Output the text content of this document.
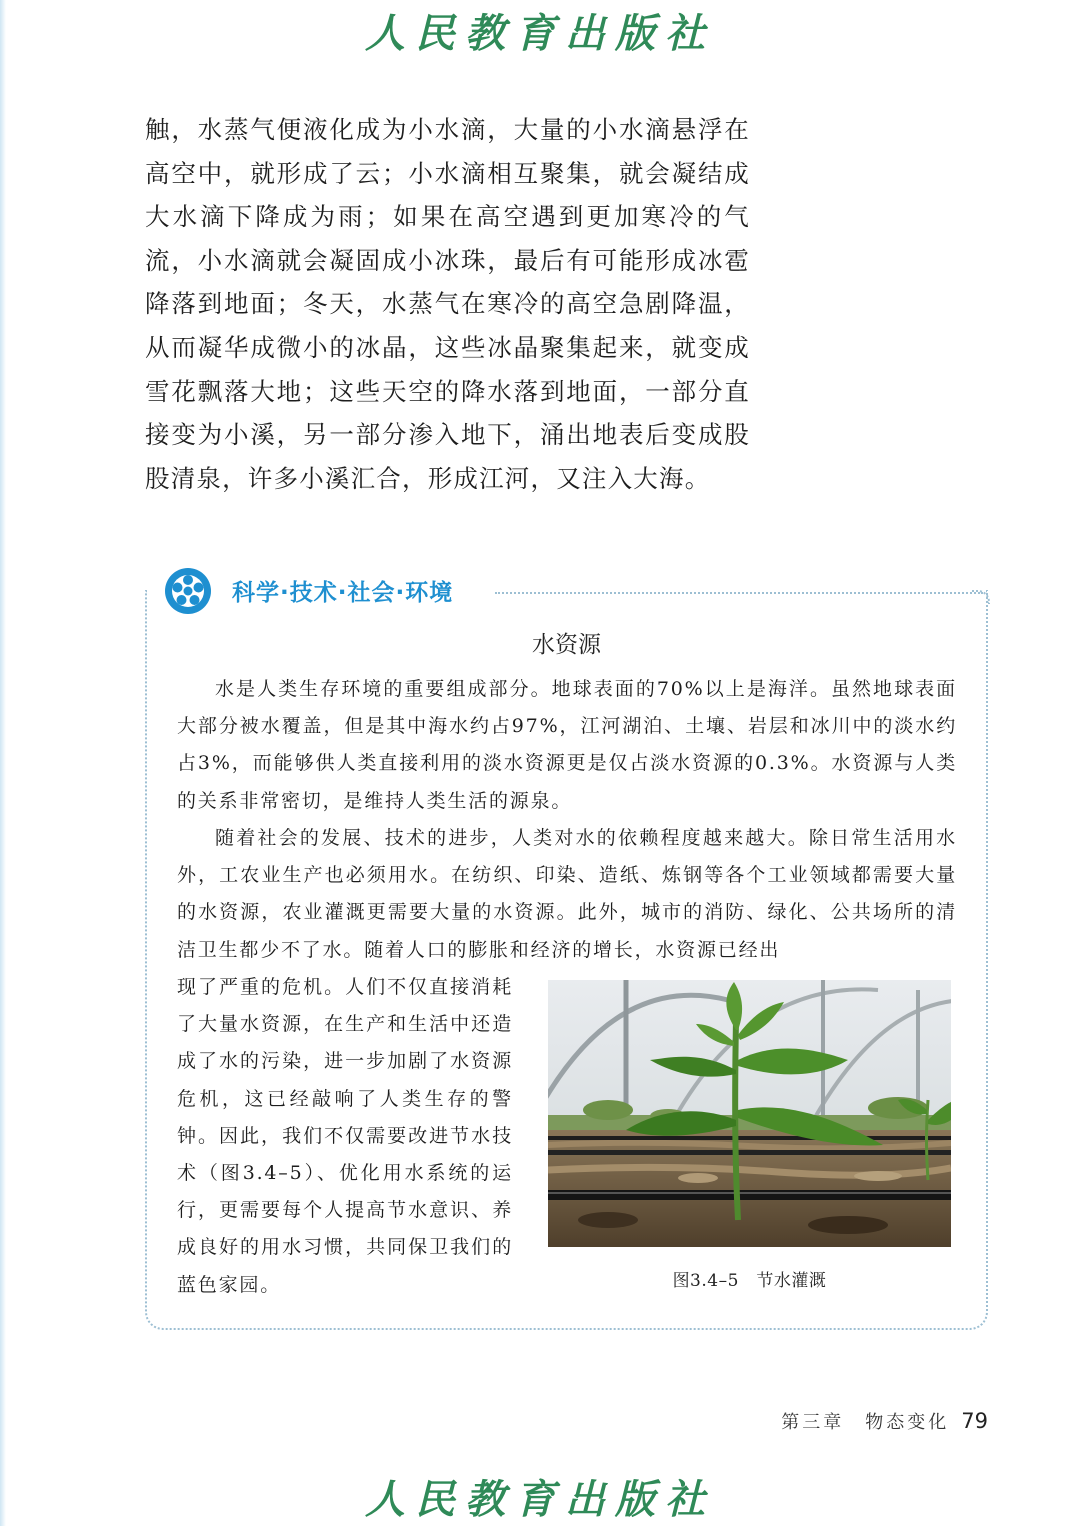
人民教育出版社

触，水蒸气便液化成为小水滴，大量的小水滴悬浮在高空中，就形成了云；小水滴相互聚集，就会凝结成大水滴下降成为雨；如果在高空遇到更加寒冷的气流，小水滴就会凝固成小冰珠，最后有可能形成冰雹降落到地面；冬天，水蒸气在寒冷的高空急剧降温，从而凝华成微小的冰晶，这些冰晶聚集起来，就变成雪花飘落大地；这些天空的降水落到地面，一部分直接变为小溪，另一部分渗入地下，涌出地表后变成股股清泉，许多小溪汇合，形成江河，又注入大海。

科学·技术·社会·环境
水资源

水是人类生存环境的重要组成部分。地球表面的70%以上是海洋。虽然地球表面大部分被水覆盖，但是其中海水约占97%，江河湖泊、土壤、岩层和冰川中的淡水约占3%，而能够供人类直接利用的淡水资源更是仅占淡水资源的0.3%。水资源与人类的关系非常密切，是维持人类生活的源泉。

随着社会的发展、技术的进步，人类对水的依赖程度越来越大。除日常生活用水外，工农业生产也必须用水。在纺织、印染、造纸、炼钢等各个工业领域都需要大量的水资源，农业灌溉更需要大量的水资源。此外，城市的消防、绿化、公共场所的清洁卫生都少不了水。随着人口的膨胀和经济的增长，水资源已经出

现了严重的危机。人们不仅直接消耗了大量水资源，在生产和生活中还造成了水的污染，进一步加剧了水资源危机，这已经敲响了人类生存的警钟。因此，我们不仅需要改进节水技术（图3.4–5）、优化用水系统的运行，更需要每个人提高节水意识、养成良好的用水习惯，共同保卫我们的蓝色家园。	图3.4–5　节水灌溉
第三章　物态变化 79
人民教育出版社
